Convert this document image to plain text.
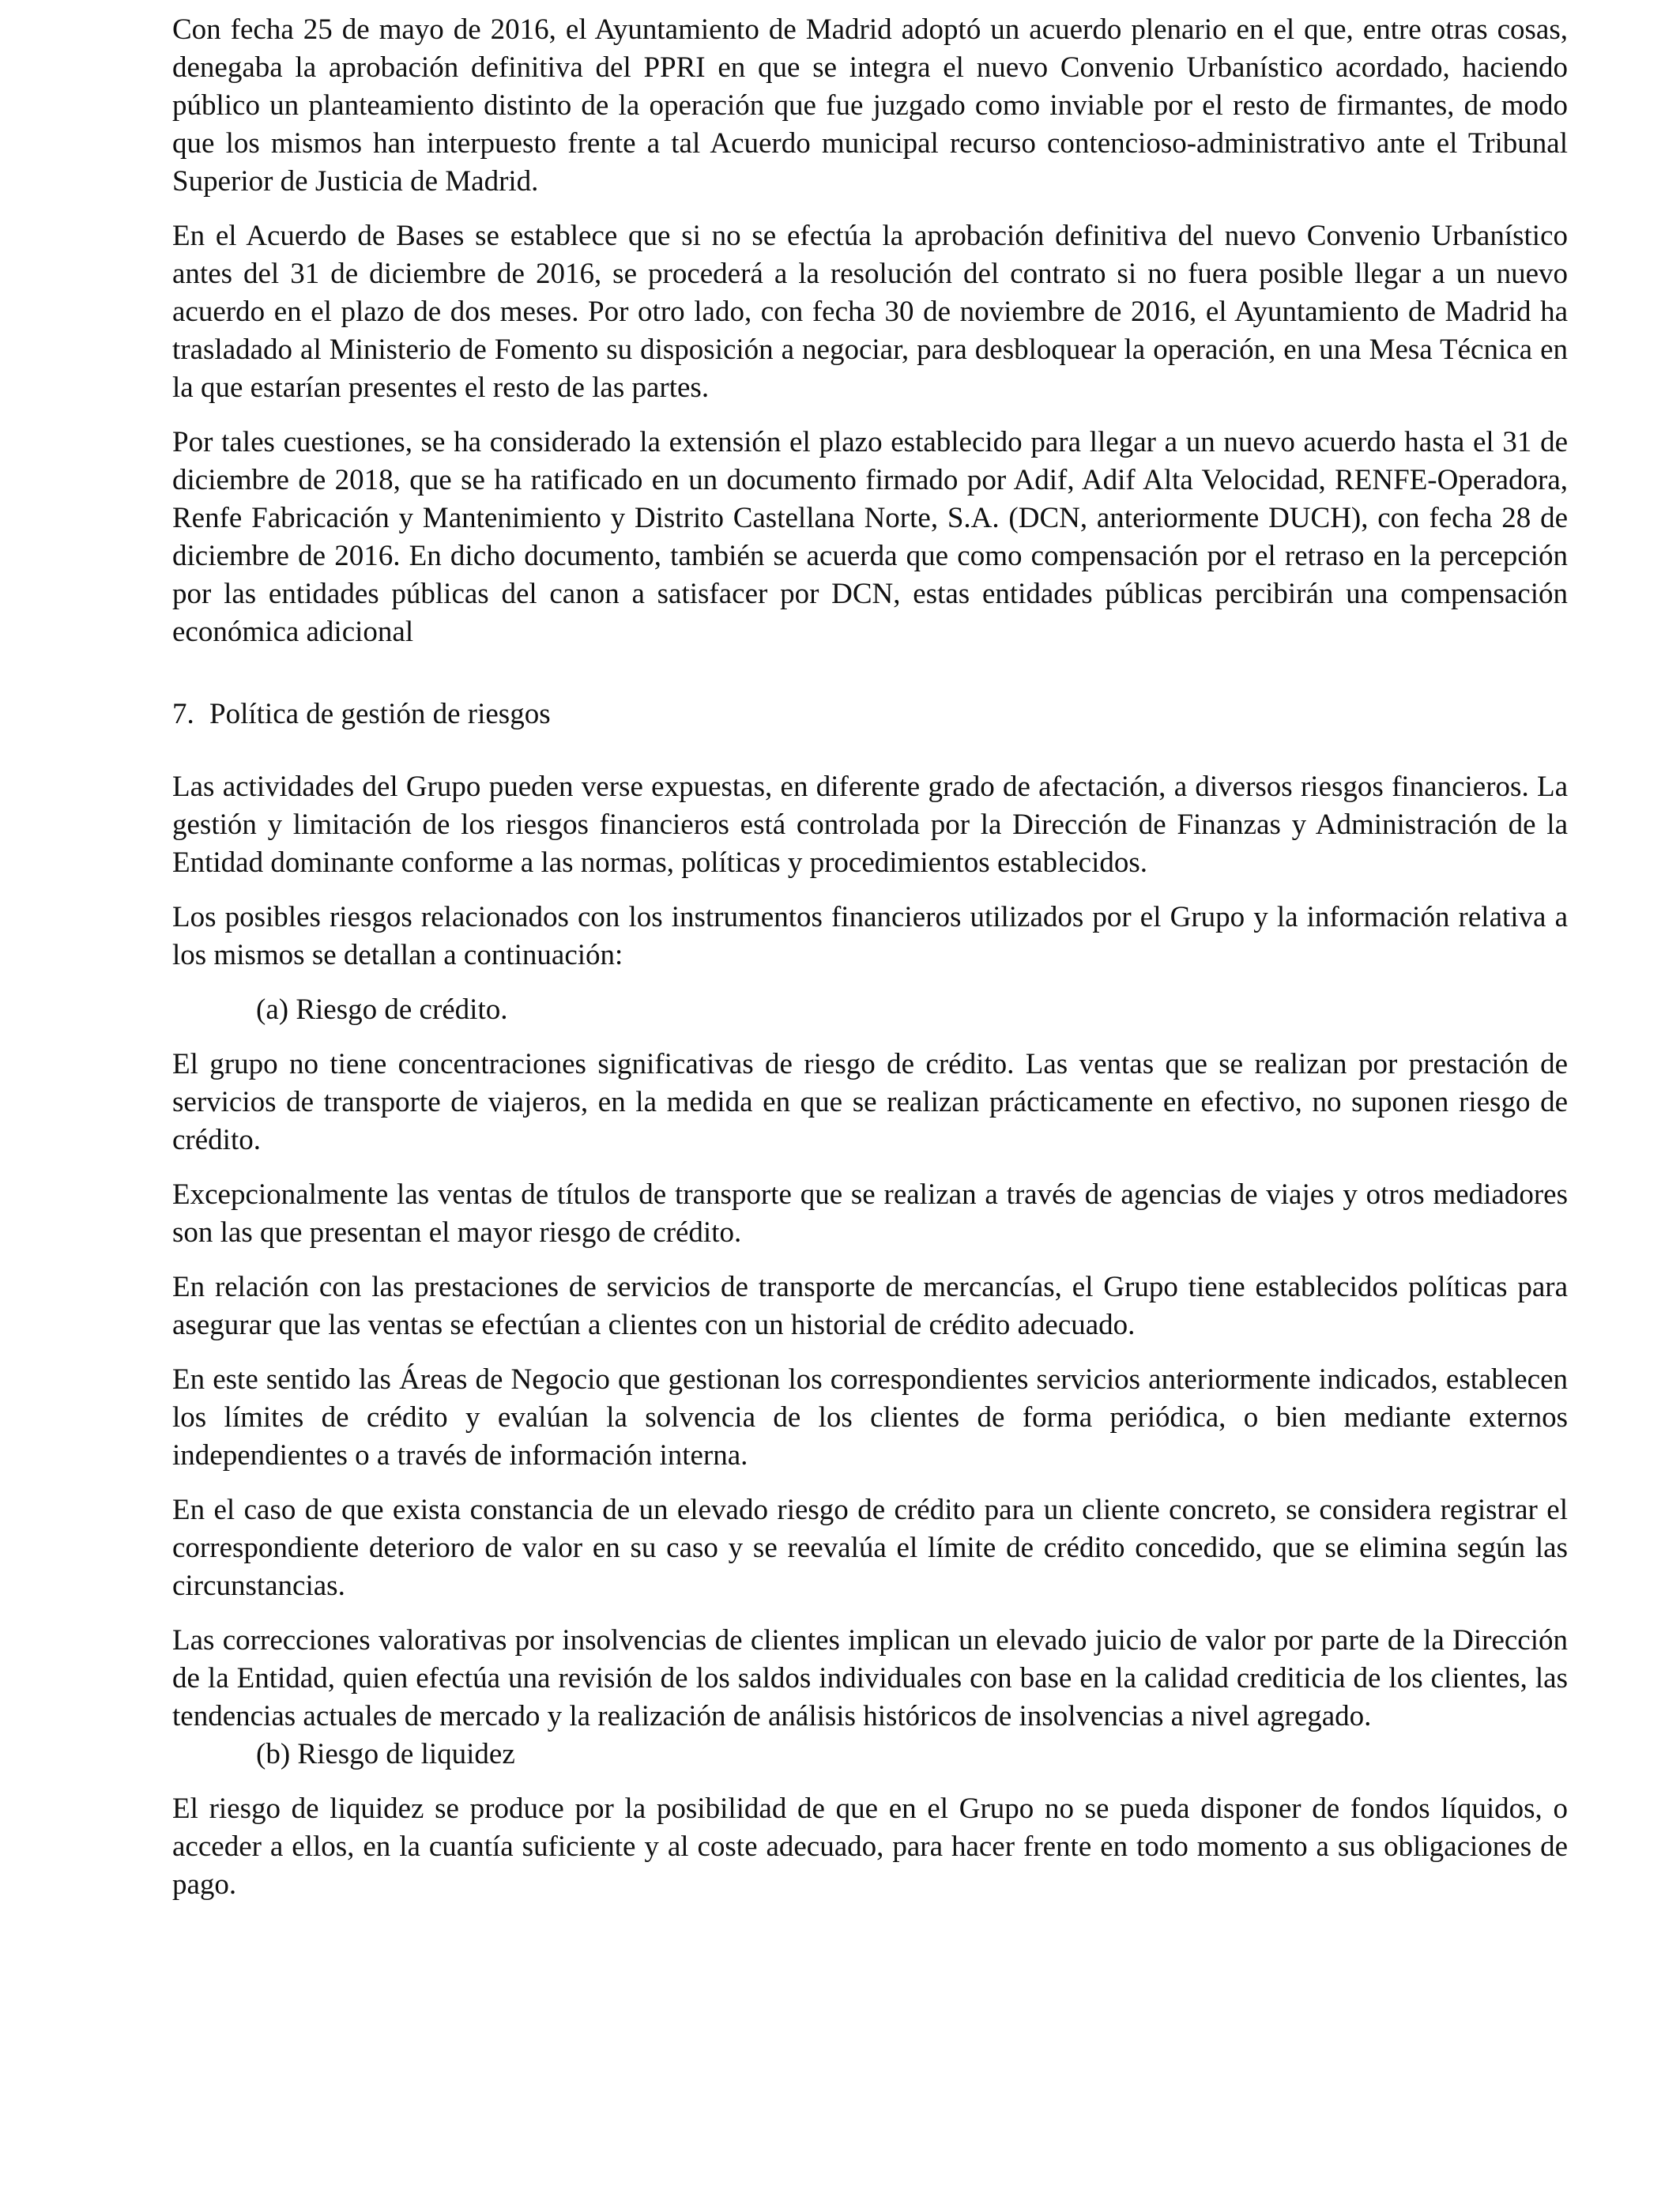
Con fecha 25 de mayo de 2016, el Ayuntamiento de Madrid adoptó un acuerdo plenario en el que, entre otras cosas, denegaba la aprobación definitiva del PPRI en que se integra el nuevo Convenio Urbanístico acordado, haciendo público un planteamiento distinto de la operación que fue juzgado como inviable por el resto de firmantes, de modo que los mismos han interpuesto frente a tal Acuerdo municipal recurso contencioso-administrativo ante el Tribunal Superior de Justicia de Madrid.

En el Acuerdo de Bases se establece que si no se efectúa la aprobación definitiva del nuevo Convenio Urbanístico antes del 31 de diciembre de 2016, se procederá a la resolución del contrato si no fuera posible llegar a un nuevo acuerdo en el plazo de dos meses. Por otro lado, con fecha 30 de noviembre de 2016, el Ayuntamiento de Madrid ha trasladado al Ministerio de Fomento su disposición a negociar, para desbloquear la operación, en una Mesa Técnica en la que estarían presentes el resto de las partes.

Por tales cuestiones, se ha considerado la extensión el plazo establecido para llegar a un nuevo acuerdo hasta el 31 de diciembre de 2018, que se ha ratificado en un documento firmado por Adif, Adif Alta Velocidad, RENFE-Operadora, Renfe Fabricación y Mantenimiento y Distrito Castellana Norte, S.A. (DCN, anteriormente DUCH), con fecha 28 de diciembre de 2016. En dicho documento, también se acuerda que como compensación por el retraso en la percepción por las entidades públicas del canon a satisfacer por DCN, estas entidades públicas percibirán una compensación económica adicional

7. Política de gestión de riesgos

Las actividades del Grupo pueden verse expuestas, en diferente grado de afectación, a diversos riesgos financieros. La gestión y limitación de los riesgos financieros está controlada por la Dirección de Finanzas y Administración de la Entidad dominante conforme a las normas, políticas y procedimientos establecidos.

Los posibles riesgos relacionados con los instrumentos financieros utilizados por el Grupo y la información relativa a los mismos se detallan a continuación:

(a) Riesgo de crédito.

El grupo no tiene concentraciones significativas de riesgo de crédito. Las ventas que se realizan por prestación de servicios de transporte de viajeros, en la medida en que se realizan prácticamente en efectivo, no suponen riesgo de crédito.

Excepcionalmente las ventas de títulos de transporte que se realizan a través de agencias de viajes y otros mediadores son las que presentan el mayor riesgo de crédito.

En relación con las prestaciones de servicios de transporte de mercancías, el Grupo tiene establecidos políticas para asegurar que las ventas se efectúan a clientes con un historial de crédito adecuado.

En este sentido las Áreas de Negocio que gestionan los correspondientes servicios anteriormente indicados, establecen los límites de crédito y evalúan la solvencia de los clientes de forma periódica, o bien mediante externos independientes o a través de información interna.

En el caso de que exista constancia de un elevado riesgo de crédito para un cliente concreto, se considera registrar el correspondiente deterioro de valor en su caso y se reevalúa el límite de crédito concedido, que se elimina según las circunstancias.

Las correcciones valorativas por insolvencias de clientes implican un elevado juicio de valor por parte de la Dirección de la Entidad, quien efectúa una revisión de los saldos individuales con base en la calidad crediticia de los clientes, las tendencias actuales de mercado y la realización de análisis históricos de insolvencias a nivel agregado.

(b) Riesgo de liquidez

El riesgo de liquidez se produce por la posibilidad de que en el Grupo no se pueda disponer de fondos líquidos, o acceder a ellos, en la cuantía suficiente y al coste adecuado, para hacer frente en todo momento a sus obligaciones de pago.
